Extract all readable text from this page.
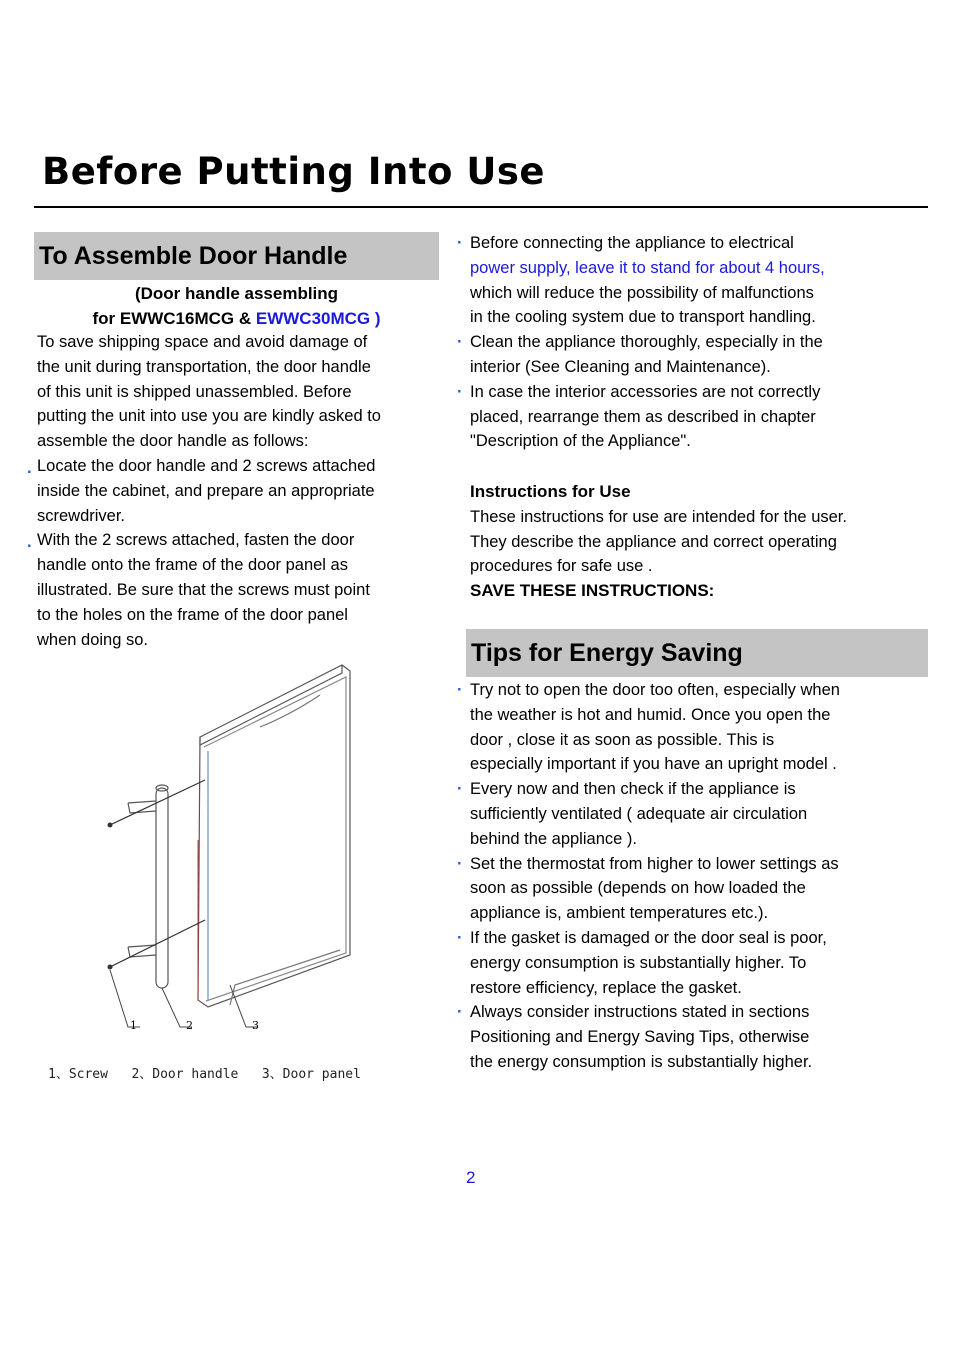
Before Putting Into Use
To Assemble Door Handle
(Door handle assembling
for EWWC16MCG & EWWC30MCG )
To save shipping space and avoid damage of
the unit during transportation, the door handle
of this unit is shipped unassembled. Before
putting the unit into use you are kindly asked to
assemble the door handle as follows:
. Locate the door handle and 2 screws attached
inside the cabinet, and prepare an appropriate
screwdriver.
. With the 2 screws attached, fasten the door
handle onto the frame of the door panel as
illustrated. Be sure that the screws must point
to the holes on the frame of the door panel
when doing so.
1	2	3
1、Screw   2、Door handle   3、Door panel
· Before connecting the appliance to electrical
power supply, leave it to stand for about 4 hours,
which will reduce the possibility of malfunctions
in the cooling system due to transport handling.
· Clean the appliance thoroughly, especially in the
interior (See Cleaning and Maintenance).
· In case the interior accessories are not correctly
placed, rearrange them as described in chapter
"Description of the Appliance".
Instructions for Use
These instructions for use are intended for the user.
They describe the appliance and correct operating
procedures for safe use .
SAVE THESE INSTRUCTIONS:
Tips for Energy Saving
· Try not to open the door too often, especially when
the weather is hot and humid. Once you open the
door , close it as soon as possible. This is
especially important if you have an upright model .
· Every now and then check if the appliance is
sufficiently ventilated ( adequate air circulation
behind the appliance ).
· Set the thermostat from higher to lower settings as
soon as possible (depends on how loaded the
appliance is, ambient temperatures etc.).
· If the gasket is damaged or the door seal is poor,
energy consumption is substantially higher. To
restore efficiency, replace the gasket.
· Always consider instructions stated in sections
Positioning and Energy Saving Tips, otherwise
the energy consumption is substantially higher.
2
